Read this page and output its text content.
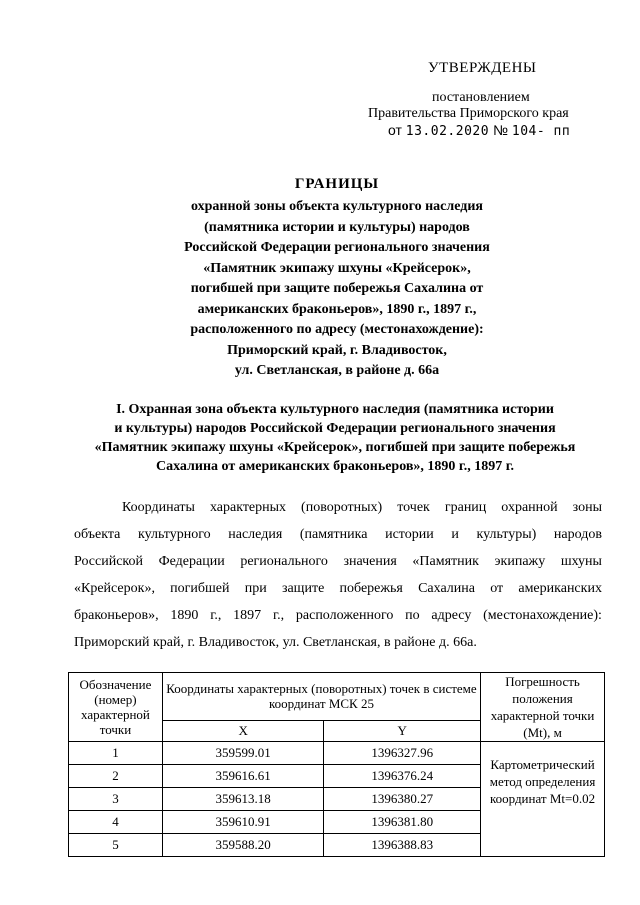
УТВЕРЖДЕНЫ
постановлением
Правительства Приморского края
от 13.02.2020 № 104- пп
ГРАНИЦЫ
охранной зоны объекта культурного наследия
(памятника истории и культуры) народов
Российской Федерации регионального значения
«Памятник экипажу шхуны «Крейсерок»,
погибшей при защите побережья Сахалина от
американских браконьеров», 1890 г., 1897 г.,
расположенного по адресу (местонахождение):
Приморский край, г. Владивосток,
ул. Светланская, в районе д. 66а
I. Охранная зона объекта культурного наследия (памятника истории
и культуры) народов Российской Федерации регионального значения
«Памятник экипажу шхуны «Крейсерок», погибшей при защите побережья
Сахалина от американских браконьеров», 1890 г., 1897 г.
Координаты характерных (поворотных) точек границ охранной зоны
объекта культурного наследия (памятника истории и культуры) народов
Российской Федерации регионального значения «Памятник экипажу шхуны
«Крейсерок», погибшей при защите побережья Сахалина от американских
браконьеров», 1890 г., 1897 г., расположенного по адресу (местонахождение):
Приморский край, г. Владивосток, ул. Светланская, в районе д. 66а.
Обозначение (номер) характерной точки	Координаты характерных (поворотных) точек в системе координат МСК 25		Погрешность положения характерной точки (Mt), м
	X	Y	
1	359599.01	1396327.96	Картометрический метод определения координат Mt=0.02
2	359616.61	1396376.24	
3	359613.18	1396380.27	
4	359610.91	1396381.80	
5	359588.20	1396388.83	
